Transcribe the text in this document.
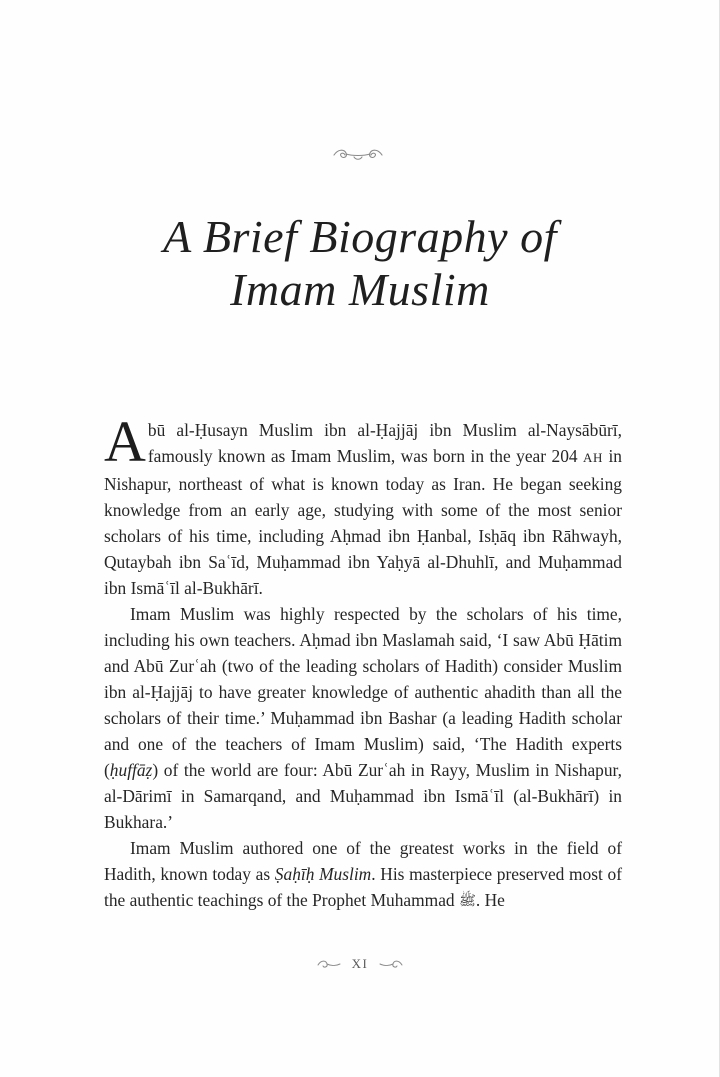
A Brief Biography of
Imam Muslim

Abū al-Ḥusayn Muslim ibn al-Ḥajjāj ibn Muslim al-Naysābūrī, famously known as Imam Muslim, was born in the year 204 AH in Nishapur, northeast of what is known today as Iran. He began seeking knowledge from an early age, studying with some of the most senior scholars of his time, including Aḥmad ibn Ḥanbal, Isḥāq ibn Rāhwayh, Qutaybah ibn Saʿīd, Muḥammad ibn Yaḥyā al-Dhuhlī, and Muḥammad ibn Ismāʿīl al-Bukhārī.

Imam Muslim was highly respected by the scholars of his time, including his own teachers. Aḥmad ibn Maslamah said, ‘I saw Abū Ḥātim and Abū Zurʿah (two of the leading scholars of Hadith) consider Muslim ibn al-Ḥajjāj to have greater knowledge of authentic ahadith than all the scholars of their time.’ Muḥammad ibn Bashar (a leading Hadith scholar and one of the teachers of Imam Muslim) said, ‘The Hadith experts (ḥuffāẓ) of the world are four: Abū Zurʿah in Rayy, Muslim in Nishapur, al-Dārimī in Samarqand, and Muḥammad ibn Ismāʿīl (al-Bukhārī) in Bukhara.’

Imam Muslim authored one of the greatest works in the field of Hadith, known today as Ṣaḥīḥ Muslim. His masterpiece preserved most of the authentic teachings of the Prophet Muhammad ﷺ. He

XI
